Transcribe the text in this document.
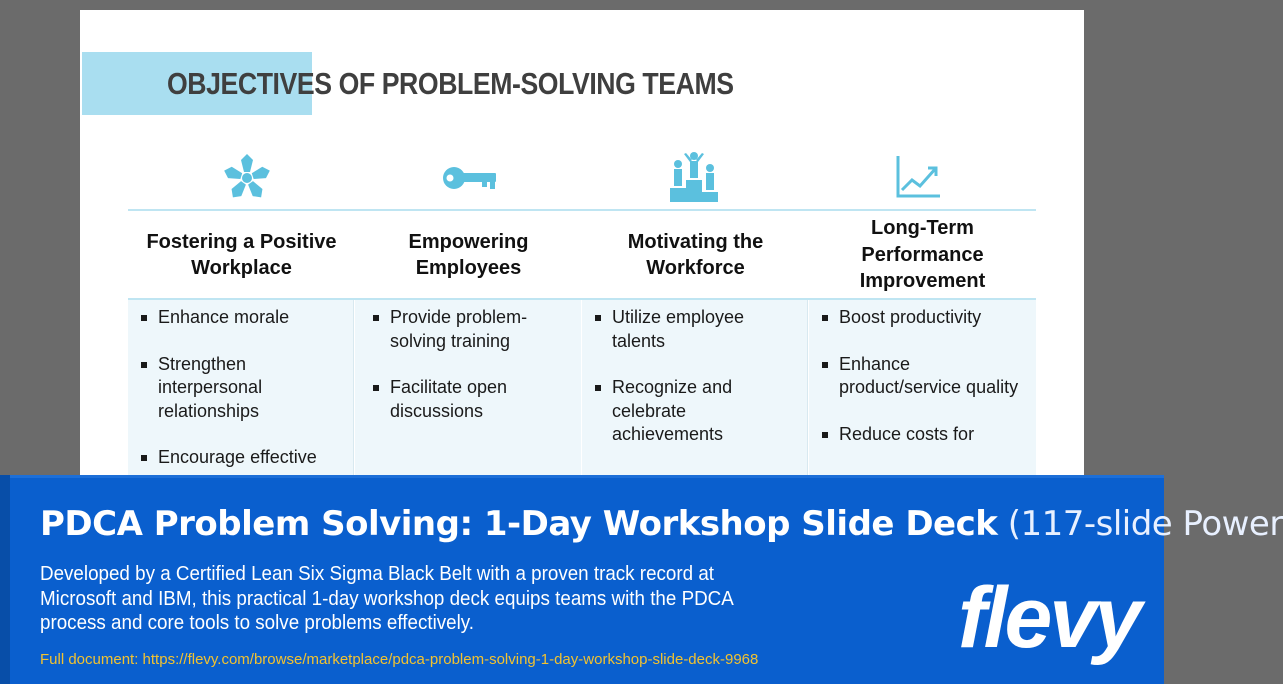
OBJECTIVES OF PROBLEM-SOLVING TEAMS
Fostering a Positive Workplace
Empowering Employees
Motivating the Workforce
Long-Term Performance Improvement
Enhance morale
Strengthen interpersonal relationships
Encourage effective
Provide problem-solving training
Facilitate open discussions
Utilize employee talents
Recognize and celebrate achievements
Boost productivity
Enhance product/service quality
Reduce costs for
PDCA Problem Solving: 1-Day Workshop Slide Deck (117-slide Power

Developed by a Certified Lean Six Sigma Black Belt with a proven track record at Microsoft and IBM, this practical 1-day workshop deck equips teams with the PDCA process and core tools to solve problems effectively.

Full document: https://flevy.com/browse/marketplace/pdca-problem-solving-1-day-workshop-slide-deck-9968 flevy
